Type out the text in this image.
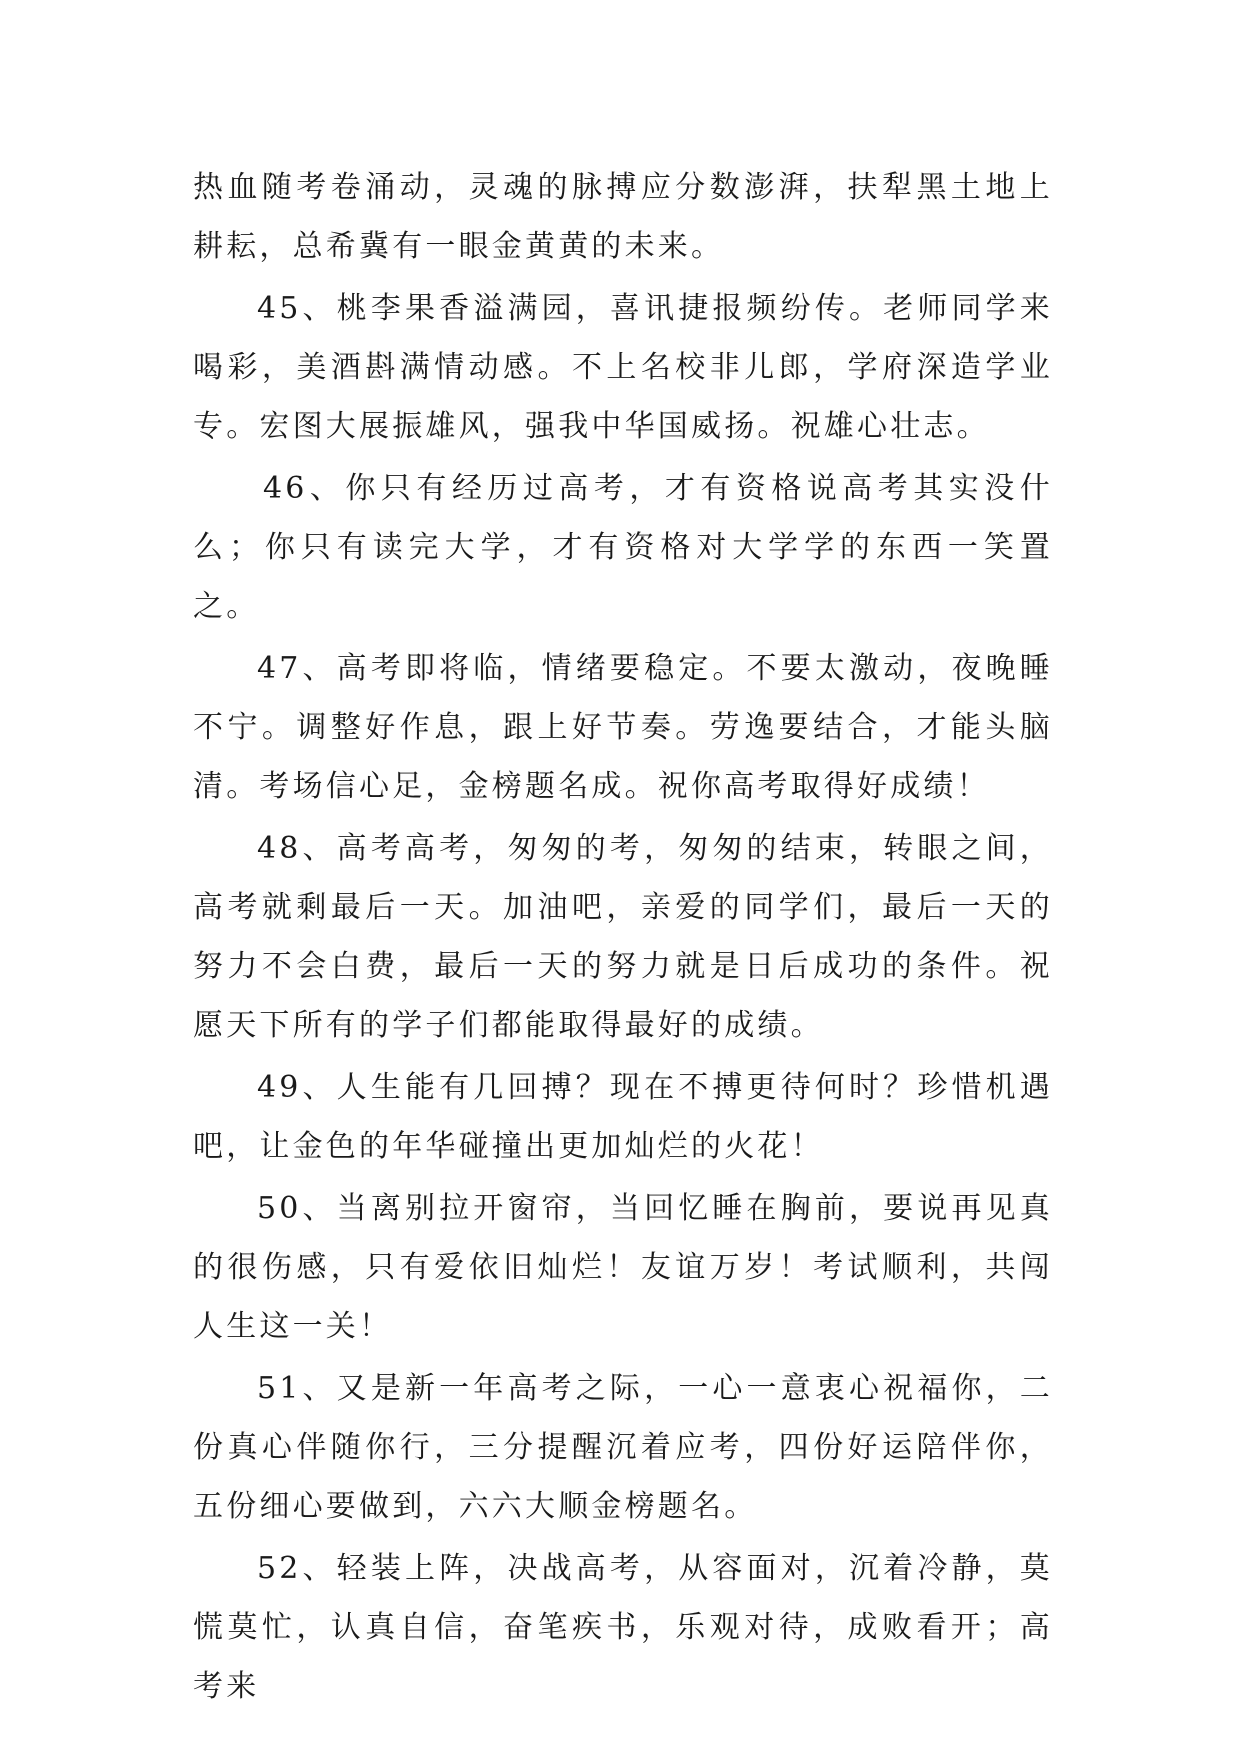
热血随考卷涌动，灵魂的脉搏应分数澎湃，扶犁黑土地上耕耘，总希冀有一眼金黄黄的未来。

45、桃李果香溢满园，喜讯捷报频纷传。老师同学来喝彩，美酒斟满情动感。不上名校非儿郎，学府深造学业专。宏图大展振雄风，强我中华国威扬。祝雄心壮志。

46、你只有经历过高考，才有资格说高考其实没什么；你只有读完大学，才有资格对大学学的东西一笑置之。

47、高考即将临，情绪要稳定。不要太激动，夜晚睡不宁。调整好作息，跟上好节奏。劳逸要结合，才能头脑清。考场信心足，金榜题名成。祝你高考取得好成绩！

48、高考高考，匆匆的考，匆匆的结束，转眼之间，高考就剩最后一天。加油吧，亲爱的同学们，最后一天的努力不会白费，最后一天的努力就是日后成功的条件。祝愿天下所有的学子们都能取得最好的成绩。

49、人生能有几回搏？现在不搏更待何时？珍惜机遇吧，让金色的年华碰撞出更加灿烂的火花！

50、当离别拉开窗帘，当回忆睡在胸前，要说再见真的很伤感，只有爱依旧灿烂！友谊万岁！考试顺利，共闯人生这一关！

51、又是新一年高考之际，一心一意衷心祝福你，二份真心伴随你行，三分提醒沉着应考，四份好运陪伴你，五份细心要做到，六六大顺金榜题名。

52、轻装上阵，决战高考，从容面对，沉着冷静，莫慌莫忙，认真自信，奋笔疾书，乐观对待，成败看开；高考来
